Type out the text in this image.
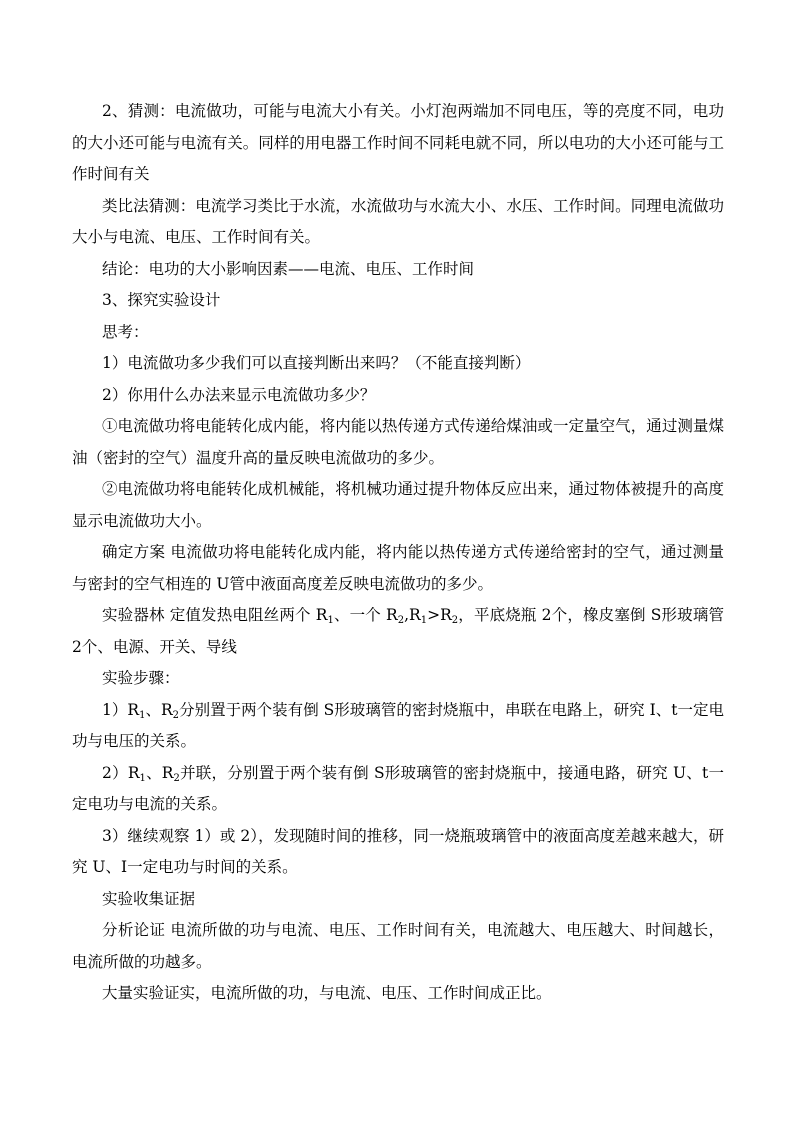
2、猜测：电流做功，可能与电流大小有关。小灯泡两端加不同电压，等的亮度不同，电功的大小还可能与电流有关。同样的用电器工作时间不同耗电就不同，所以电功的大小还可能与工作时间有关

类比法猜测：电流学习类比于水流，水流做功与水流大小、水压、工作时间。同理电流做功大小与电流、电压、工作时间有关。

结论：电功的大小影响因素——电流、电压、工作时间

3、探究实验设计

思考：

1）电流做功多少我们可以直接判断出来吗？（不能直接判断）

2）你用什么办法来显示电流做功多少？

①电流做功将电能转化成内能，将内能以热传递方式传递给煤油或一定量空气，通过测量煤油（密封的空气）温度升高的量反映电流做功的多少。

②电流做功将电能转化成机械能，将机械功通过提升物体反应出来，通过物体被提升的高度显示电流做功大小。

确定方案 电流做功将电能转化成内能，将内能以热传递方式传递给密封的空气，通过测量与密封的空气相连的 U管中液面高度差反映电流做功的多少。

实验器林 定值发热电阻丝两个 $R_1$、一个 $R_2,R_1>R_2$，平底烧瓶 2个，橡皮塞倒 S形玻璃管 2个、电源、开关、导线

实验步骤：

$1)R_1$、$R_2$分别置于两个装有倒 S形玻璃管的密封烧瓶中，串联在电路上，研究 I、t一定电功与电压的关系。

$2)R_1$、$R_2$并联，分别置于两个装有倒 S形玻璃管的密封烧瓶中，接通电路，研究 U、t一定电功与电流的关系。

3）继续观察 1）或 2），发现随时间的推移，同一烧瓶玻璃管中的液面高度差越来越大，研究 U、I一定电功与时间的关系。

实验收集证据

分析论证 电流所做的功与电流、电压、工作时间有关，电流越大、电压越大、时间越长，电流所做的功越多。

大量实验证实，电流所做的功，与电流、电压、工作时间成正比。
